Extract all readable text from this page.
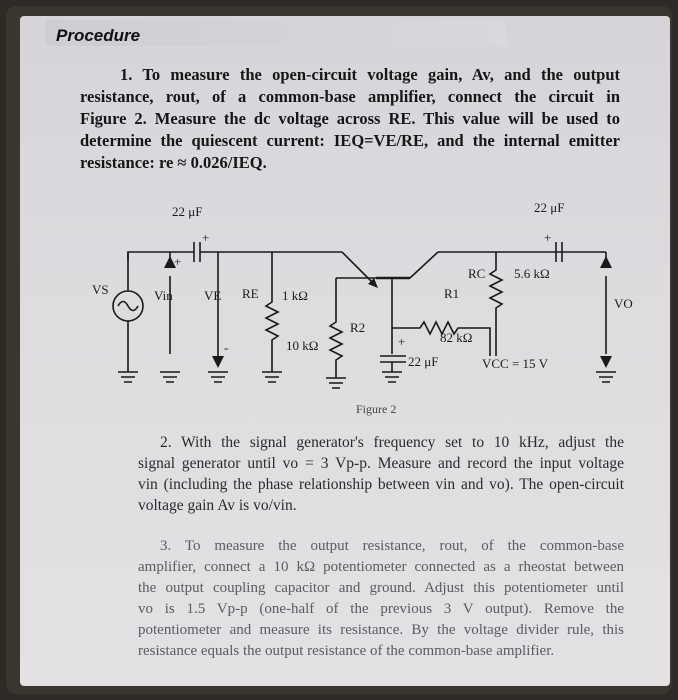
Procedure
1. To measure the open-circuit voltage gain, Av, and the output
resistance, rout, of a common-base amplifier, connect the circuit in
Figure 2. Measure the dc voltage across RE. This value will be used to
determine the quiescent current: IEQ=VE/RE, and the internal emitter
resistance: re ≈ 0.026/IEQ.
22 μF	22 μF
+
+
VS	Vin VE RE 1 kΩ
10 kΩ
R2
R1
82 kΩ
RC 5.6 kΩ
22 μF	VCC = 15 V
+
+
VO
-
Figure 2
2. With the signal generator's frequency set to 10 kHz, adjust the
signal generator until vo = 3 Vp-p. Measure and record the input voltage
vin (including the phase relationship between vin and vo). The open-circuit
voltage gain Av is vo/vin.
3. To measure the output resistance, rout, of the common-base
amplifier, connect a 10 kΩ potentiometer connected as a rheostat between
the output coupling capacitor and ground. Adjust this potentiometer until
vo is 1.5 Vp-p (one-half of the previous 3 V output). Remove the
potentiometer and measure its resistance. By the voltage divider rule, this
resistance equals the output resistance of the common-base amplifier.
